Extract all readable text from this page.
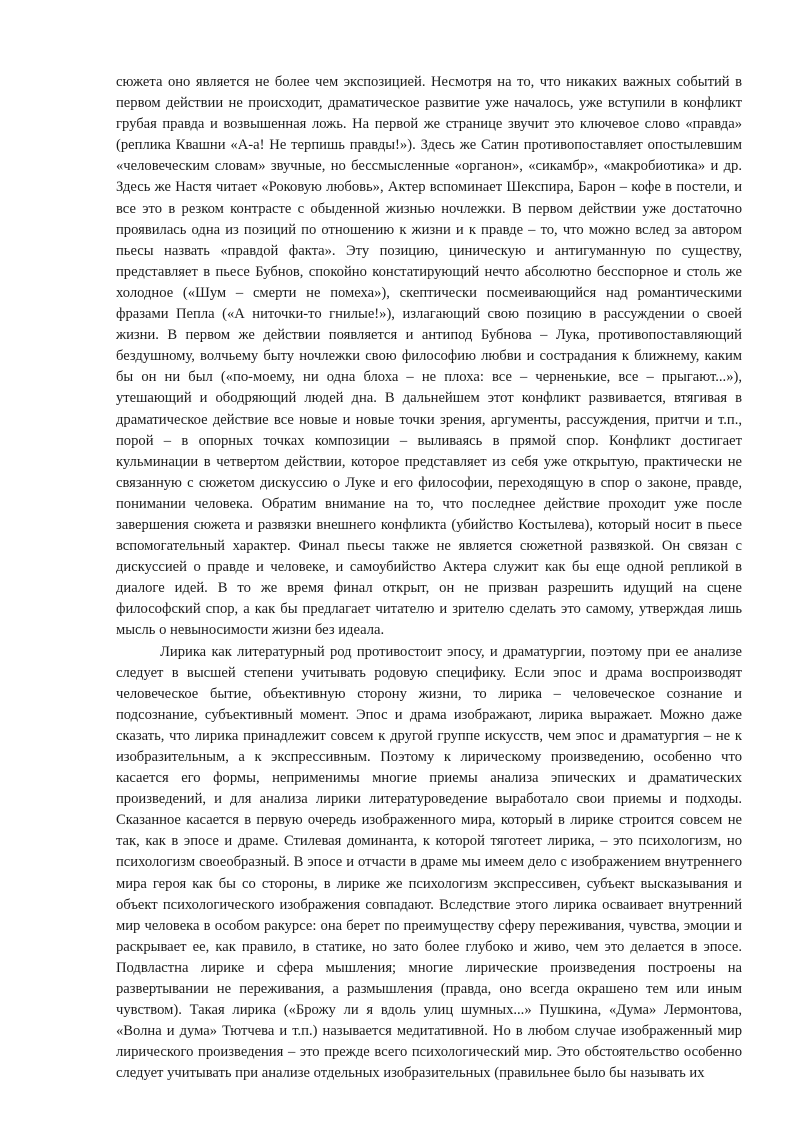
сюжета оно является не более чем экспозицией. Несмотря на то, что никаких важных событий в первом действии не происходит, драматическое развитие уже началось, уже вступили в конфликт грубая правда и возвышенная ложь. На первой же странице звучит это ключевое слово «правда» (реплика Квашни «А-а! Не терпишь правды!»). Здесь же Сатин противопоставляет опостылевшим «человеческим словам» звучные, но бессмысленные «органон», «сикамбр», «макробиотика» и др. Здесь же Настя читает «Роковую любовь», Актер вспоминает Шекспира, Барон – кофе в постели, и все это в резком контрасте с обыденной жизнью ночлежки. В первом действии уже достаточно проявилась одна из позиций по отношению к жизни и к правде – то, что можно вслед за автором пьесы назвать «правдой факта». Эту позицию, циническую и антигуманную по существу, представляет в пьесе Бубнов, спокойно констатирующий нечто абсолютно бесспорное и столь же холодное («Шум – смерти не помеха»), скептически посмеивающийся над романтическими фразами Пепла («А ниточки-то гнилые!»), излагающий свою позицию в рассуждении о своей жизни. В первом же действии появляется и антипод Бубнова – Лука, противопоставляющий бездушному, волчьему быту ночлежки свою философию любви и сострадания к ближнему, каким бы он ни был («по-моему, ни одна блоха – не плоха: все – черненькие, все – прыгают...»), утешающий и ободряющий людей дна. В дальнейшем этот конфликт развивается, втягивая в драматическое действие все новые и новые точки зрения, аргументы, рассуждения, притчи и т.п., порой – в опорных точках композиции – выливаясь в прямой спор. Конфликт достигает кульминации в четвертом действии, которое представляет из себя уже открытую, практически не связанную с сюжетом дискуссию о Луке и его философии, переходящую в спор о законе, правде, понимании человека. Обратим внимание на то, что последнее действие проходит уже после завершения сюжета и развязки внешнего конфликта (убийство Костылева), который носит в пьесе вспомогательный характер. Финал пьесы также не является сюжетной развязкой. Он связан с дискуссией о правде и человеке, и самоубийство Актера служит как бы еще одной репликой в диалоге идей. В то же время финал открыт, он не призван разрешить идущий на сцене философский спор, а как бы предлагает читателю и зрителю сделать это самому, утверждая лишь мысль о невыносимости жизни без идеала.

Лирика как литературный род противостоит эпосу, и драматургии, поэтому при ее анализе следует в высшей степени учитывать родовую специфику. Если эпос и драма воспроизводят человеческое бытие, объективную сторону жизни, то лирика – человеческое сознание и подсознание, субъективный момент. Эпос и драма изображают, лирика выражает. Можно даже сказать, что лирика принадлежит совсем к другой группе искусств, чем эпос и драматургия – не к изобразительным, а к экспрессивным. Поэтому к лирическому произведению, особенно что касается его формы, неприменимы многие приемы анализа эпических и драматических произведений, и для анализа лирики литературоведение выработало свои приемы и подходы. Сказанное касается в первую очередь изображенного мира, который в лирике строится совсем не так, как в эпосе и драме. Стилевая доминанта, к которой тяготеет лирика, – это психологизм, но психологизм своеобразный. В эпосе и отчасти в драме мы имеем дело с изображением внутреннего мира героя как бы со стороны, в лирике же психологизм экспрессивен, субъект высказывания и объект психологического изображения совпадают. Вследствие этого лирика осваивает внутренний мир человека в особом ракурсе: она берет по преимуществу сферу переживания, чувства, эмоции и раскрывает ее, как правило, в статике, но зато более глубоко и живо, чем это делается в эпосе. Подвластна лирике и сфера мышления; многие лирические произведения построены на развертывании не переживания, а размышления (правда, оно всегда окрашено тем или иным чувством). Такая лирика («Брожу ли я вдоль улиц шумных...» Пушкина, «Дума» Лермонтова, «Волна и дума» Тютчева и т.п.) называется медитативной. Но в любом случае изображенный мир лирического произведения – это прежде всего психологический мир. Это обстоятельство особенно следует учитывать при анализе отдельных изобразительных (правильнее было бы называть их
